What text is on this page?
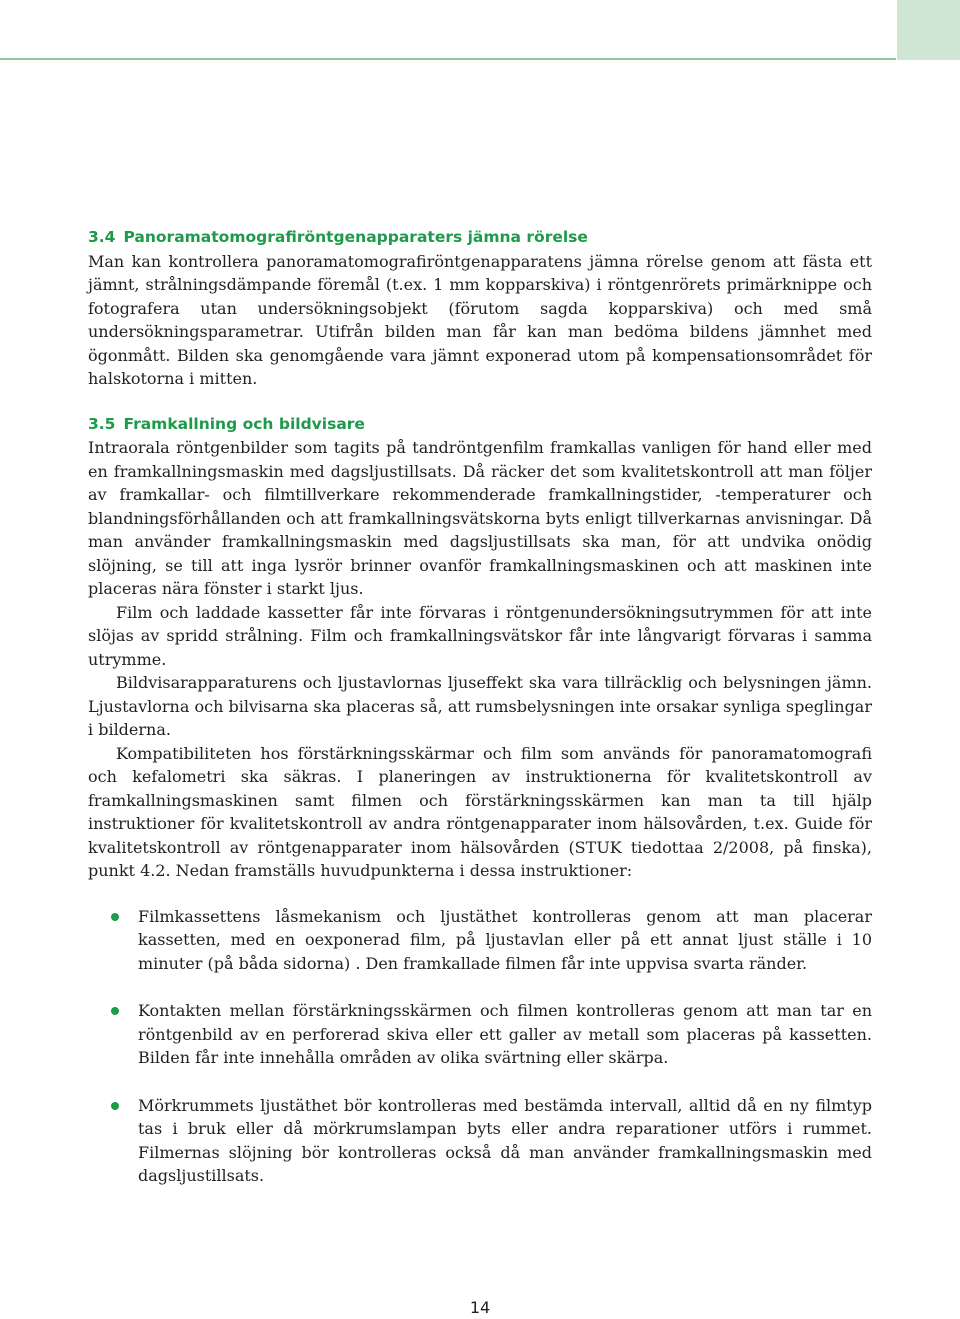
3.4 Panoramatomografiröntgenapparaters jämna rörelse

Man kan kontrollera panoramatomografiröntgenapparatens jämna rörelse genom att fästa ett jämnt, strålningsdämpande föremål (t.ex. 1 mm kopparskiva) i röntgenrörets primärknippe och fotografera utan undersökningsobjekt (förutom sagda kopparskiva) och med små undersökningsparametrar. Utifrån bilden man får kan man bedöma bildens jämnhet med ögonmått. Bilden ska genomgående vara jämnt exponerad utom på kompensationsområdet för halskotorna i mitten.

3.5 Framkallning och bildvisare

Intraorala röntgenbilder som tagits på tandröntgenfilm framkallas vanligen för hand eller med en framkallningsmaskin med dagsljustillsats. Då räcker det som kvalitetskontroll att man följer av framkallar- och filmtillverkare rekommenderade framkallningstider, -temperaturer och blandningsförhållanden och att framkallningsvätskorna byts enligt tillverkarnas anvisningar. Då man använder framkallningsmaskin med dagsljustillsats ska man, för att undvika onödig slöjning, se till att inga lysrör brinner ovanför framkallningsmaskinen och att maskinen inte placeras nära fönster i starkt ljus.

Film och laddade kassetter får inte förvaras i röntgenundersökningsutrymmen för att inte slöjas av spridd strålning. Film och framkallningsvätskor får inte långvarigt förvaras i samma utrymme.

Bildvisarapparaturens och ljustavlornas ljuseffekt ska vara tillräcklig och belysningen jämn. Ljustavlorna och bilvisarna ska placeras så, att rumsbelysningen inte orsakar synliga speglingar i bilderna.

Kompatibiliteten hos förstärkningsskärmar och film som används för panoramatomografi och kefalometri ska säkras. I planeringen av instruktionerna för kvalitetskontroll av framkallningsmaskinen samt filmen och förstärkningsskärmen kan man ta till hjälp instruktioner för kvalitetskontroll av andra röntgenapparater inom hälsovården, t.ex. Guide för kvalitetskontroll av röntgenapparater inom hälsovården (STUK tiedottaa 2/2008, på finska), punkt 4.2. Nedan framställs huvudpunkterna i dessa instruktioner:

Filmkassettens låsmekanism och ljustäthet kontrolleras genom att man placerar kassetten, med en oexponerad film, på ljustavlan eller på ett annat ljust ställe i 10 minuter (på båda sidorna) . Den framkallade filmen får inte uppvisa svarta ränder.

Kontakten mellan förstärkningsskärmen och filmen kontrolleras genom att man tar en röntgenbild av en perforerad skiva eller ett galler av metall som placeras på kassetten. Bilden får inte innehålla områden av olika svärtning eller skärpa.

Mörkrummets ljustäthet bör kontrolleras med bestämda intervall, alltid då en ny filmtyp tas i bruk eller då mörkrumslampan byts eller andra reparationer utförs i rummet. Filmernas slöjning bör kontrolleras också då man använder framkallningsmaskin med dagsljustillsats.

14
